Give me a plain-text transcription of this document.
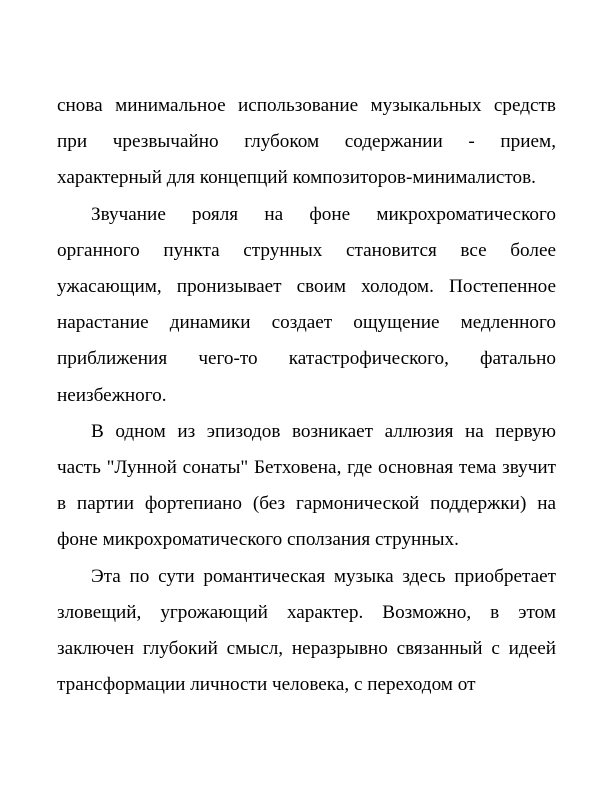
снова минимальное использование музыкальных средств при чрезвычайно глубоком содержании - прием, характерный для концепций композиторов-минималистов.

Звучание рояля на фоне микрохроматического органного пункта струнных становится все более ужасающим, пронизывает своим холодом. Постепенное нарастание динамики создает ощущение медленного приближения чего-то катастрофического, фатально неизбежного.

В одном из эпизодов возникает аллюзия на первую часть "Лунной сонаты" Бетховена, где основная тема звучит в партии фортепиано (без гармонической поддержки) на фоне микрохроматического сползания струнных.

Эта по сути романтическая музыка здесь приобретает зловещий, угрожающий характер. Возможно, в этом заключен глубокий смысл, неразрывно связанный с идеей трансформации личности человека, с переходом от
